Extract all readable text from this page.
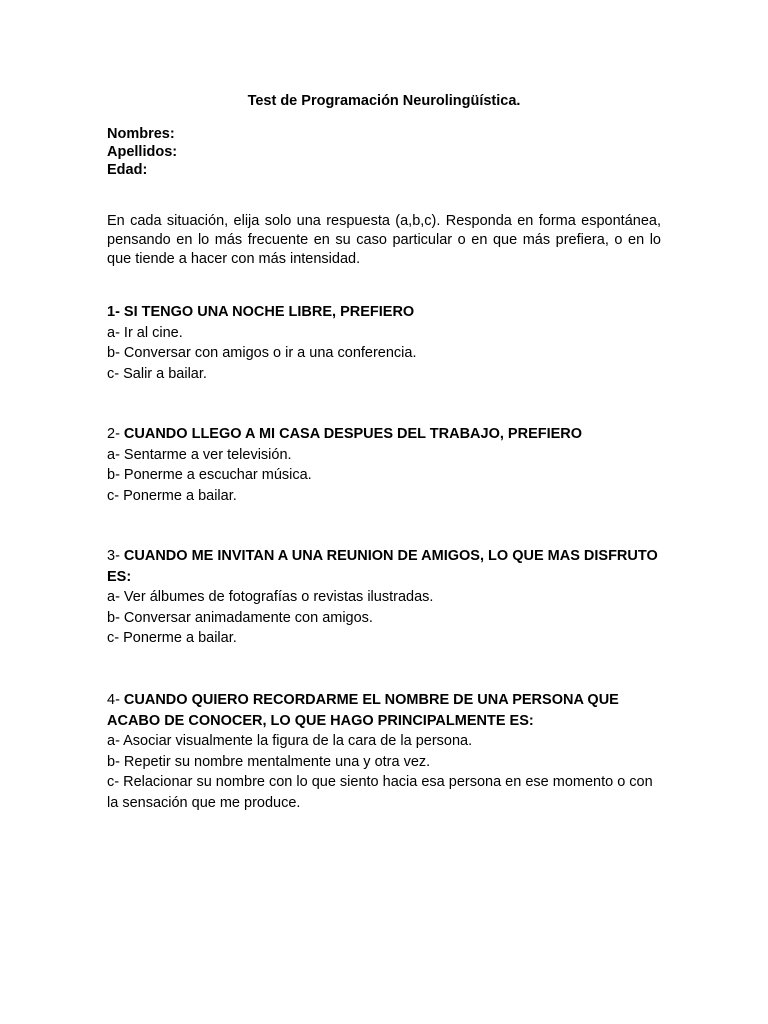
Test de Programación Neurolingüística.
Nombres:
Apellidos:
Edad:
En cada situación, elija solo una respuesta (a,b,c). Responda en forma espontánea, pensando en lo más frecuente en su caso particular o en que más prefiera, o en lo que tiende a hacer con más intensidad.
1- SI TENGO UNA NOCHE LIBRE, PREFIERO
a- Ir al cine.
b- Conversar con amigos o ir a una conferencia.
c- Salir a bailar.
2- CUANDO LLEGO A MI CASA DESPUES DEL TRABAJO, PREFIERO
a- Sentarme a ver televisión.
b- Ponerme a escuchar música.
c- Ponerme a bailar.
3- CUANDO ME INVITAN A UNA REUNION DE AMIGOS, LO QUE MAS DISFRUTO ES:
a- Ver álbumes de fotografías o revistas ilustradas.
b- Conversar animadamente con amigos.
c- Ponerme a bailar.
4- CUANDO QUIERO RECORDARME EL NOMBRE DE UNA PERSONA QUE ACABO DE CONOCER, LO QUE HAGO PRINCIPALMENTE ES:
a- Asociar visualmente la figura de la cara de la persona.
b- Repetir su nombre mentalmente una y otra vez.
c- Relacionar su nombre con lo que siento hacia esa persona en ese momento o con la sensación que me produce.
